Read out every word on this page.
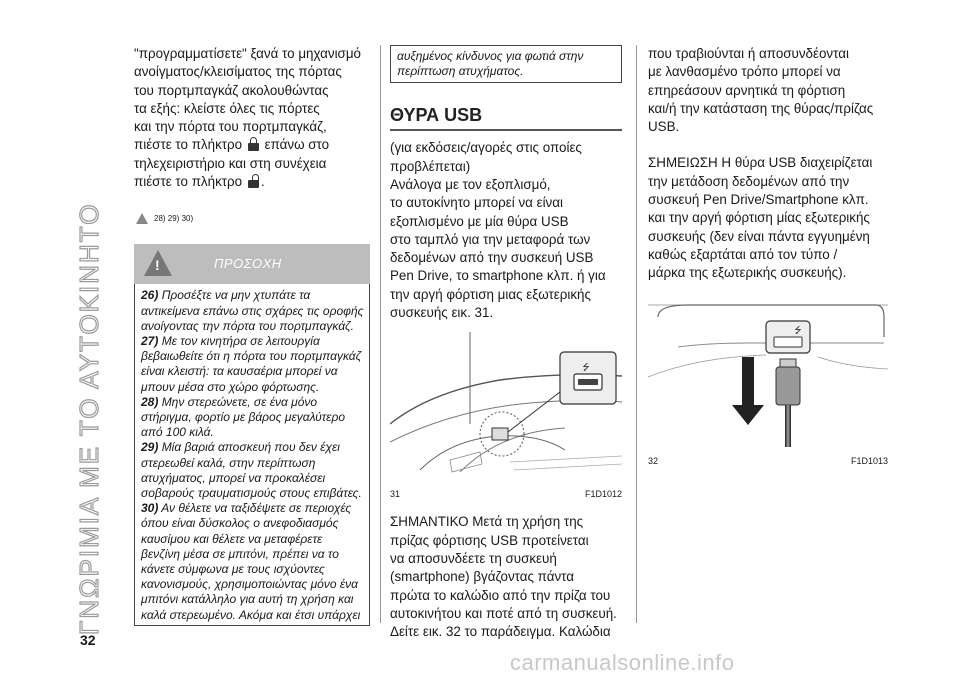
ΓΝΩΡΙΜΙΑ ΜΕ ΤΟ ΑΥΤΟΚΙΝΗΤΟ

"προγραμματίσετε" ξανά το μηχανισμό

ανοίγματος/κλεισίματος της πόρτας

του πορτμπαγκάζ ακολουθώντας

τα εξής: κλείστε όλες τις πόρτες

και την πόρτα του πορτμπαγκάζ,

πιέστε το πλήκτρο επάνω στο

τηλεχειριστήριο και στη συνέχεια

πιέστε το πλήκτρο .

28) 29) 30)
!	ΠΡΟΣΟΧΗ

26) Προσέξτε να μην χτυπάτε τα αντικείμενα επάνω στις σχάρες τις οροφής ανοίγοντας την πόρτα του πορτμπαγκάζ.

27) Με τον κινητήρα σε λειτουργία βεβαιωθείτε ότι η πόρτα του πορτμπαγκάζ είναι κλειστή: τα καυσαέρια μπορεί να μπουν μέσα στο χώρο φόρτωσης.

28) Μην στερεώνετε, σε ένα μόνο στήριγμα, φορτίο με βάρος μεγαλύτερο από 100 κιλά.

29) Μία βαριά αποσκευή που δεν έχει στερεωθεί καλά, στην περίπτωση ατυχήματος, μπορεί να προκαλέσει σοβαρούς τραυματισμούς στους επιβάτες.

30) Αν θέλετε να ταξιδέψετε σε περιοχές όπου είναι δύσκολος ο ανεφοδιασμός καυσίμου και θέλετε να μεταφέρετε βενζίνη μέσα σε μπιτόνι, πρέπει να το κάνετε σύμφωνα με τους ισχύοντες κανονισμούς, χρησιμοποιώντας μόνο ένα μπιτόνι κατάλληλο για αυτή τη χρήση και καλά στερεωμένο. Ακόμα και έτσι υπάρχει

αυξημένος κίνδυνος για φωτιά στην περίπτωση ατυχήματος.
ΘΥΡΑ USB

(για εκδόσεις/αγορές στις οποίες

προβλέπεται)

Ανάλογα με τον εξοπλισμό,

το αυτοκίνητο μπορεί να είναι

εξοπλισμένο με μία θύρα USB

στο ταμπλό για την μεταφορά των

δεδομένων από την συσκευή USB

Pen Drive, το smartphone κλπ. ή για

την αργή φόρτιση μιας εξωτερικής

συσκευής εικ. 31.

⭍
31	F1D1012

ΣΗΜΑΝΤΙΚΟ Μετά τη χρήση της

πρίζας φόρτισης USB προτείνεται

να αποσυνδέετε τη συσκευή

(smartphone) βγάζοντας πάντα

πρώτα το καλώδιο από την πρίζα του

αυτοκινήτου και ποτέ από τη συσκευή.

Δείτε εικ. 32 το παράδειγμα. Καλώδια

που τραβιούνται ή αποσυνδέονται

με λανθασμένο τρόπο μπορεί να

επηρεάσουν αρνητικά τη φόρτιση

και/ή την κατάσταση της θύρας/πρίζας

USB.

ΣΗΜΕΙΩΣΗ Η θύρα USB διαχειρίζεται

την μετάδοση δεδομένων από την

συσκευή Pen Drive/Smartphone κλπ.

και την αργή φόρτιση μίας εξωτερικής

συσκευής (δεν είναι πάντα εγγυημένη

καθώς εξαρτάται από τον τύπο /

μάρκα της εξωτερικής συσκευής).

⭍
32	F1D1013
32
carmanualsonline.info
